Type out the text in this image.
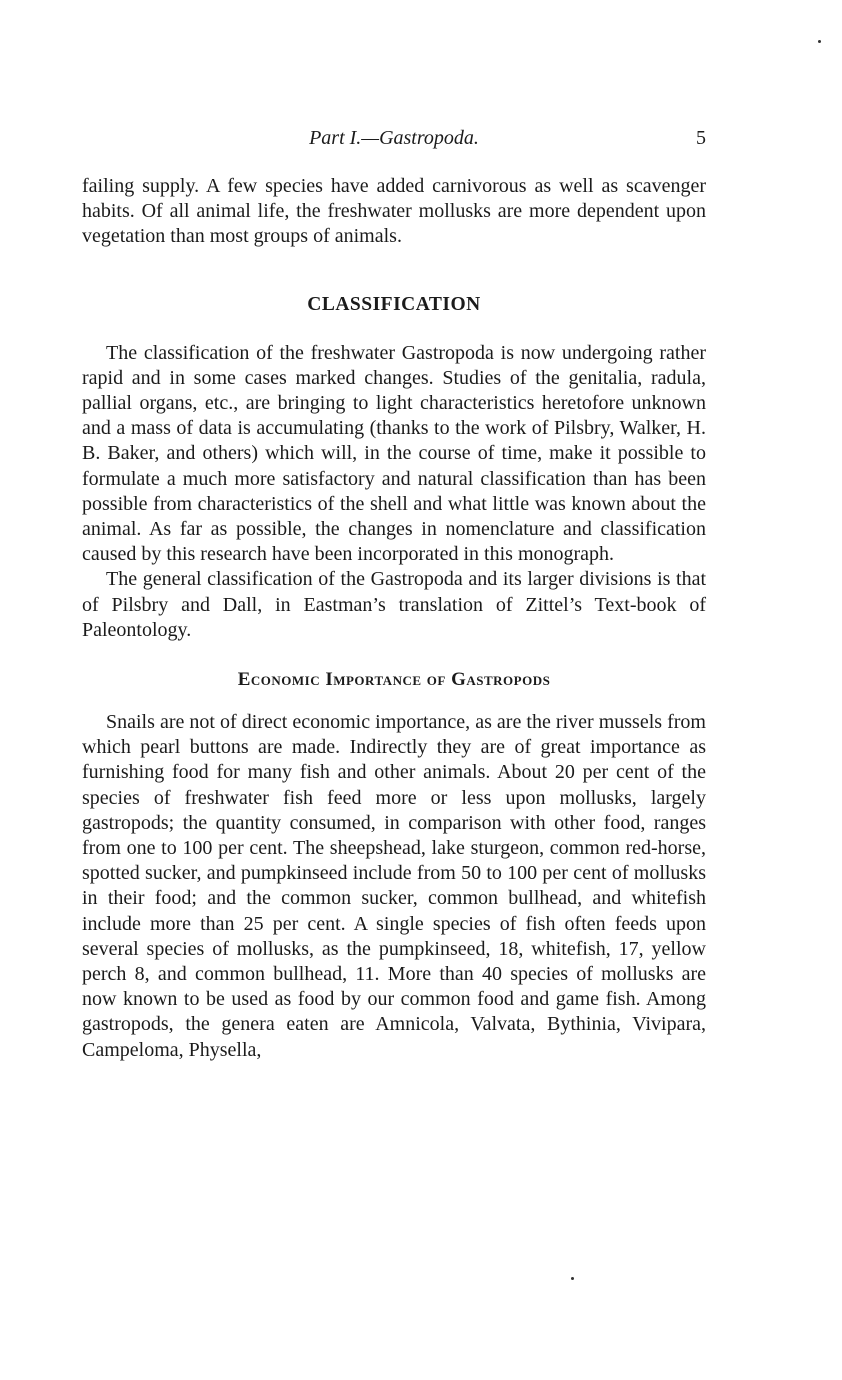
Part I.—Gastropoda.	5

failing supply. A few species have added carnivorous as well as scavenger habits. Of all animal life, the freshwater mollusks are more dependent upon vegetation than most groups of animals.

CLASSIFICATION

The classification of the freshwater Gastropoda is now undergoing rather rapid and in some cases marked changes. Studies of the genitalia, radula, pallial organs, etc., are bringing to light characteristics heretofore unknown and a mass of data is accumulating (thanks to the work of Pilsbry, Walker, H. B. Baker, and others) which will, in the course of time, make it possible to formulate a much more satisfactory and natural classification than has been possible from characteristics of the shell and what little was known about the animal. As far as possible, the changes in nomenclature and classification caused by this research have been incorporated in this monograph.

The general classification of the Gastropoda and its larger divisions is that of Pilsbry and Dall, in Eastman’s translation of Zittel’s Text-book of Paleontology.

Economic Importance of Gastropods

Snails are not of direct economic importance, as are the river mussels from which pearl buttons are made. Indirectly they are of great importance as furnishing food for many fish and other animals. About 20 per cent of the species of freshwater fish feed more or less upon mollusks, largely gastropods; the quantity consumed, in comparison with other food, ranges from one to 100 per cent. The sheepshead, lake sturgeon, common red-horse, spotted sucker, and pumpkinseed include from 50 to 100 per cent of mollusks in their food; and the common sucker, common bullhead, and whitefish include more than 25 per cent. A single species of fish often feeds upon several species of mollusks, as the pumpkinseed, 18, whitefish, 17, yellow perch 8, and common bullhead, 11. More than 40 species of mollusks are now known to be used as food by our common food and game fish. Among gastropods, the genera eaten are Amnicola, Valvata, Bythinia, Vivipara, Campeloma, Physella,
